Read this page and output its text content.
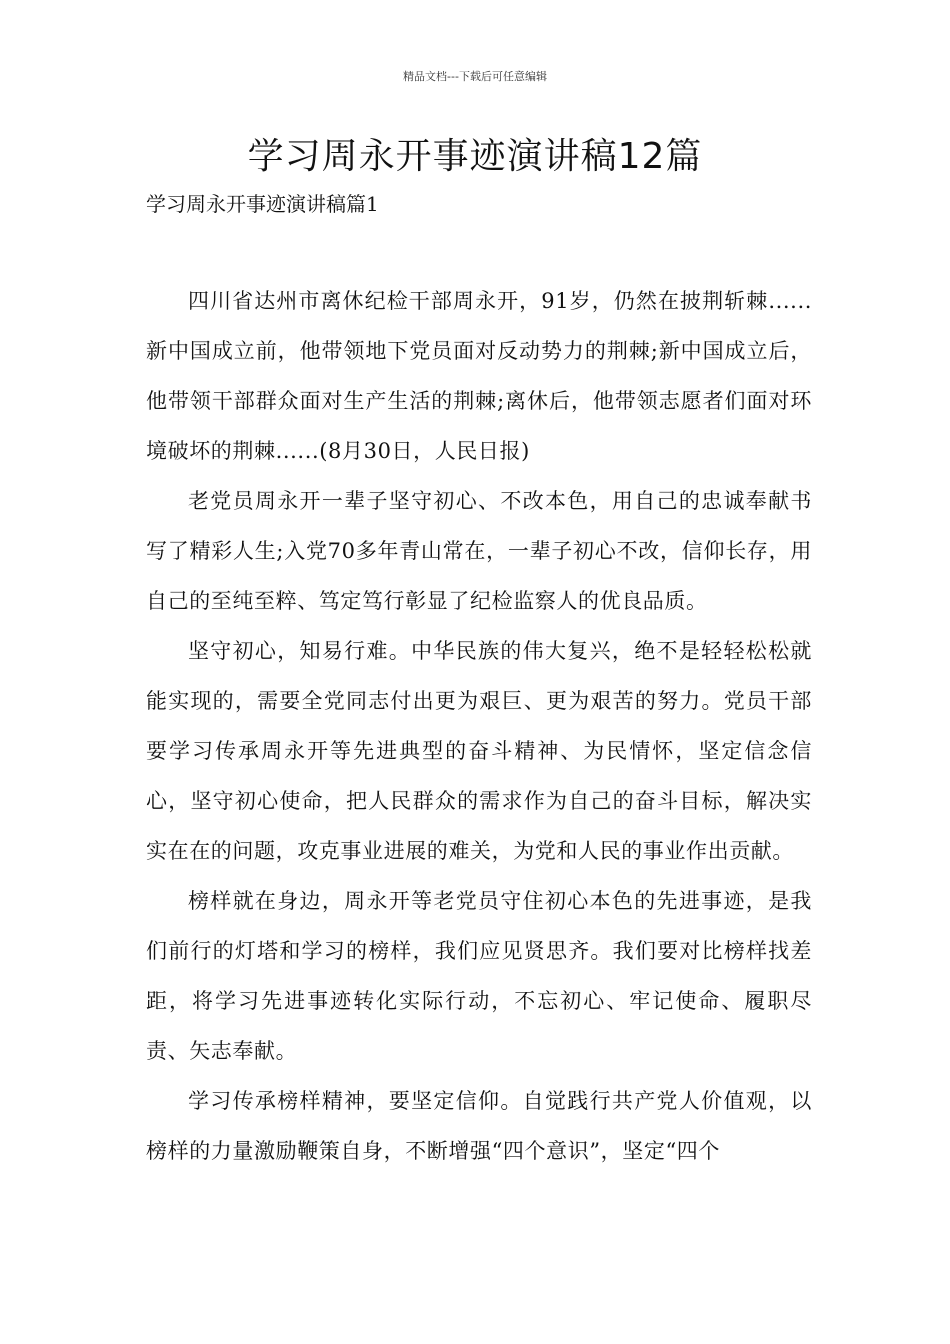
精品文档---下载后可任意编辑
学习周永开事迹演讲稿12篇
学习周永开事迹演讲稿篇1

四川省达州市离休纪检干部周永开，91岁，仍然在披荆斩棘......新中国成立前，他带领地下党员面对反动势力的荆棘;新中国成立后，他带领干部群众面对生产生活的荆棘;离休后，他带领志愿者们面对环境破坏的荆棘......(8月30日，人民日报)

老党员周永开一辈子坚守初心、不改本色，用自己的忠诚奉献书写了精彩人生;入党70多年青山常在，一辈子初心不改，信仰长存，用自己的至纯至粹、笃定笃行彰显了纪检监察人的优良品质。

坚守初心，知易行难。中华民族的伟大复兴，绝不是轻轻松松就能实现的，需要全党同志付出更为艰巨、更为艰苦的努力。党员干部要学习传承周永开等先进典型的奋斗精神、为民情怀，坚定信念信心，坚守初心使命，把人民群众的需求作为自己的奋斗目标，解决实实在在的问题，攻克事业进展的难关，为党和人民的事业作出贡献。

榜样就在身边，周永开等老党员守住初心本色的先进事迹，是我们前行的灯塔和学习的榜样，我们应见贤思齐。我们要对比榜样找差距，将学习先进事迹转化实际行动，不忘初心、牢记使命、履职尽责、矢志奉献。

学习传承榜样精神，要坚定信仰。自觉践行共产党人价值观，以榜样的力量激励鞭策自身，不断增强“四个意识”，坚定“四个
